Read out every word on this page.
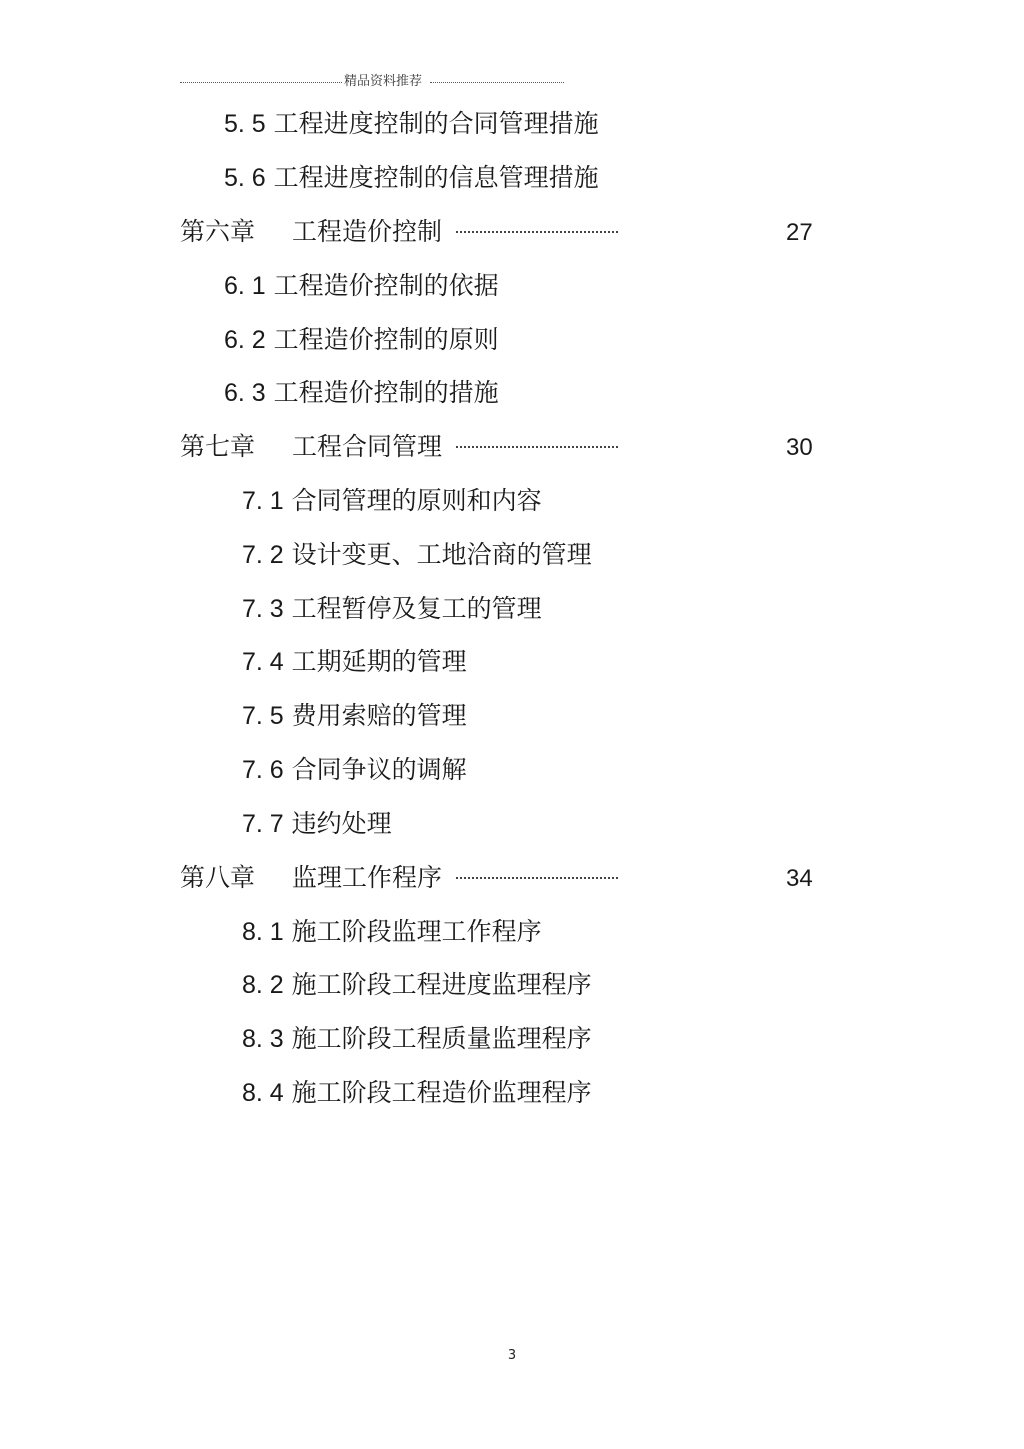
精品资料推荐
5. 5 工程进度控制的合同管理措施
5. 6 工程进度控制的信息管理措施
第六章 工程造价控制	27
6. 1 工程造价控制的依据
6. 2 工程造价控制的原则
6. 3 工程造价控制的措施
第七章 工程合同管理	30
7. 1 合同管理的原则和内容
7. 2 设计变更、工地洽商的管理
7. 3 工程暂停及复工的管理
7. 4 工期延期的管理
7. 5 费用索赔的管理
7. 6 合同争议的调解
7. 7 违约处理
第八章 监理工作程序	34
8. 1 施工阶段监理工作程序
8. 2 施工阶段工程进度监理程序
8. 3 施工阶段工程质量监理程序
8. 4 施工阶段工程造价监理程序
3
